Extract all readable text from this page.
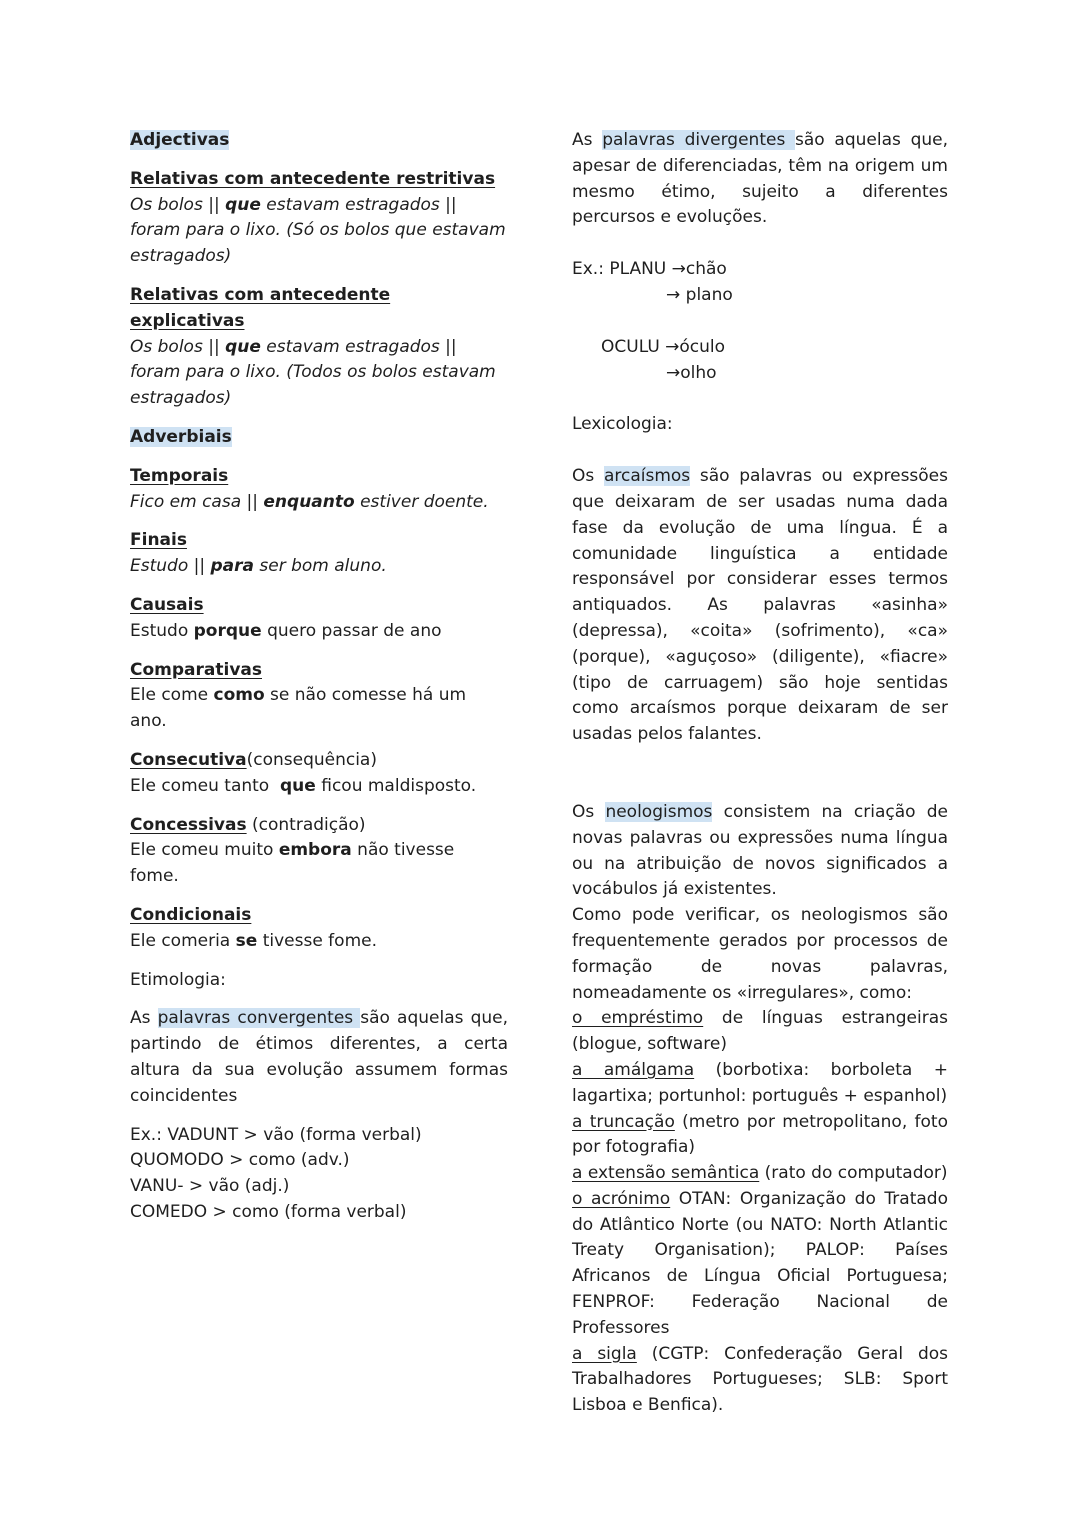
Adjectivas

Relativas com antecedente restritivas

Os bolos || que estavam estragados || foram para o lixo. (Só os bolos que estavam estragados)

Relativas com antecedente explicativas

Os bolos || que estavam estragados || foram para o lixo. (Todos os bolos estavam estragados)

Adverbiais

Temporais

Fico em casa || enquanto estiver doente.

Finais

Estudo || para ser bom aluno.

Causais

Estudo porque quero passar de ano

Comparativas

Ele come como se não comesse há um ano.

Consecutiva(consequência)

Ele comeu tanto  que ficou maldisposto.

Concessivas (contradição)

Ele comeu muito embora não tivesse fome.

Condicionais

Ele comeria se tivesse fome.

Etimologia:

As palavras convergentes são aquelas que, partindo de étimos diferentes, a certa altura da sua evolução assumem formas coincidentes

Ex.: VADUNT > vão (forma verbal)

QUOMODO > como (adv.)

VANU- > vão (adj.)

COMEDO > como (forma verbal)

As palavras divergentes são aquelas que, apesar de diferenciadas, têm na origem um mesmo étimo, sujeito a diferentes percursos e evoluções.

Ex.: PLANU →chão

→ plano

OCULU →óculo

→olho

Lexicologia:

Os arcaísmos são palavras ou expressões que deixaram de ser usadas numa dada fase da evolução de uma língua. É a comunidade linguística a entidade responsável por considerar esses termos antiquados. As palavras «asinha» (depressa), «coita» (sofrimento), «ca» (porque), «aguçoso» (diligente), «fiacre» (tipo de carruagem) são hoje sentidas como arcaísmos porque deixaram de ser usadas pelos falantes.

Os neologismos consistem na criação de novas palavras ou expressões numa língua ou na atribuição de novos significados a vocábulos já existentes.

Como pode verificar, os neologismos são frequentemente gerados por processos de formação de novas palavras, nomeadamente os «irregulares», como:

o empréstimo de línguas estrangeiras (blogue, software)

a amálgama (borbotixa: borboleta + lagartixa; portunhol: português + espanhol)

a truncação (metro por metropolitano, foto por fotografia)

a extensão semântica (rato do computador)

o acrónimo OTAN: Organização do Tratado do Atlântico Norte (ou NATO: North Atlantic Treaty Organisation); PALOP: Países Africanos de Língua Oficial Portuguesa; FENPROF: Federação Nacional de Professores

a sigla (CGTP: Confederação Geral dos Trabalhadores Portugueses; SLB: Sport Lisboa e Benfica).
